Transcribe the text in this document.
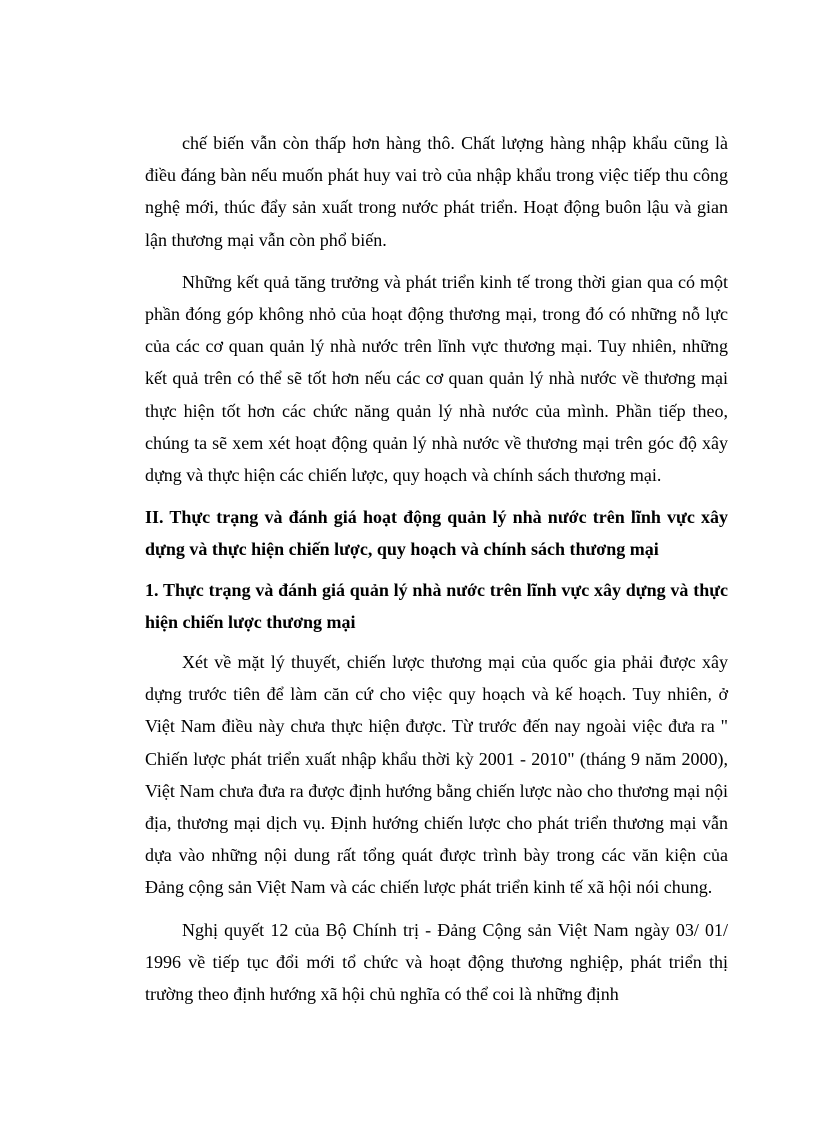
chế biến vẫn còn thấp hơn hàng thô. Chất lượng hàng nhập khẩu cũng là điều đáng bàn nếu muốn phát huy vai trò của nhập khẩu trong việc tiếp thu công nghệ mới, thúc đẩy sản xuất trong nước phát triển. Hoạt động buôn lậu và gian lận thương mại vẫn còn phổ biến.

Những kết quả tăng trưởng và phát triển kinh tế trong thời gian qua có một phần đóng góp không nhỏ của hoạt động thương mại, trong đó có những nỗ lực của các cơ quan quản lý nhà nước trên lĩnh vực thương mại. Tuy nhiên, những kết quả trên có thể sẽ tốt hơn nếu các cơ quan quản lý nhà nước về thương mại thực hiện tốt hơn các chức năng quản lý nhà nước của mình. Phần tiếp theo, chúng ta sẽ xem xét hoạt động quản lý nhà nước về thương mại trên góc độ xây dựng và thực hiện các chiến lược, quy hoạch và chính sách thương mại.

II. Thực trạng và đánh giá hoạt động quản lý nhà nước trên lĩnh vực xây dựng và thực hiện chiến lược, quy hoạch và chính sách thương mại

1. Thực trạng và đánh giá quản lý nhà nước trên lĩnh vực xây dựng và thực hiện chiến lược thương mại

Xét về mặt lý thuyết, chiến lược thương mại của quốc gia phải được xây dựng trước tiên để làm căn cứ cho việc quy hoạch và kế hoạch. Tuy nhiên, ở Việt Nam điều này chưa thực hiện được. Từ trước đến nay ngoài việc đưa ra " Chiến lược phát triển xuất nhập khẩu thời kỳ 2001 - 2010" (tháng 9 năm 2000), Việt Nam chưa đưa ra được định hướng bằng chiến lược nào cho thương mại nội địa, thương mại dịch vụ. Định hướng chiến lược cho phát triển thương mại vẫn dựa vào những nội dung rất tổng quát được trình bày trong các văn kiện của Đảng cộng sản Việt Nam và các chiến lược phát triển kinh tế xã hội nói chung.

Nghị quyết 12 của Bộ Chính trị - Đảng Cộng sản Việt Nam ngày 03/ 01/ 1996 về tiếp tục đổi mới tổ chức và hoạt động thương nghiệp, phát triển thị trường theo định hướng xã hội chủ nghĩa có thể coi là những định
